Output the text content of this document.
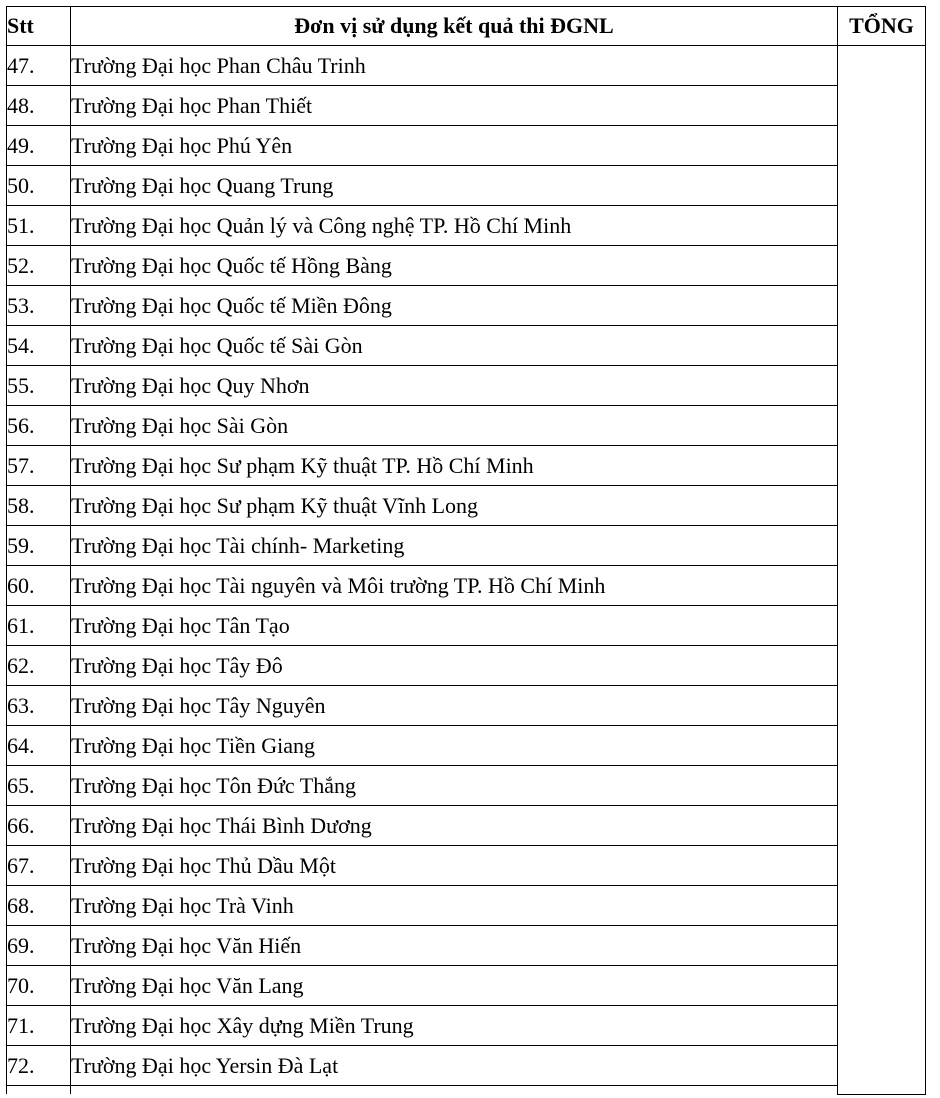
Stt	Đơn vị sử dụng kết quả thi ĐGNL	TỔNG
47.	Trường Đại học Phan Châu Trinh	
48.	Trường Đại học Phan Thiết	
49.	Trường Đại học Phú Yên	
50.	Trường Đại học Quang Trung	
51.	Trường Đại học Quản lý và Công nghệ TP. Hồ Chí Minh	
52.	Trường Đại học Quốc tế Hồng Bàng	
53.	Trường Đại học Quốc tế Miền Đông	
54.	Trường Đại học Quốc tế Sài Gòn	
55.	Trường Đại học Quy Nhơn	
56.	Trường Đại học Sài Gòn	
57.	Trường Đại học Sư phạm Kỹ thuật TP. Hồ Chí Minh	
58.	Trường Đại học Sư phạm Kỹ thuật Vĩnh Long	
59.	Trường Đại học Tài chính- Marketing	
60.	Trường Đại học Tài nguyên và Môi trường TP. Hồ Chí Minh	
61.	Trường Đại học Tân Tạo	
62.	Trường Đại học Tây Đô	
63.	Trường Đại học Tây Nguyên	
64.	Trường Đại học Tiền Giang	
65.	Trường Đại học Tôn Đức Thắng	
66.	Trường Đại học Thái Bình Dương	
67.	Trường Đại học Thủ Dầu Một	
68.	Trường Đại học Trà Vinh	
69.	Trường Đại học Văn Hiến	
70.	Trường Đại học Văn Lang	
71.	Trường Đại học Xây dựng Miền Trung	
72.	Trường Đại học Yersin Đà Lạt	
